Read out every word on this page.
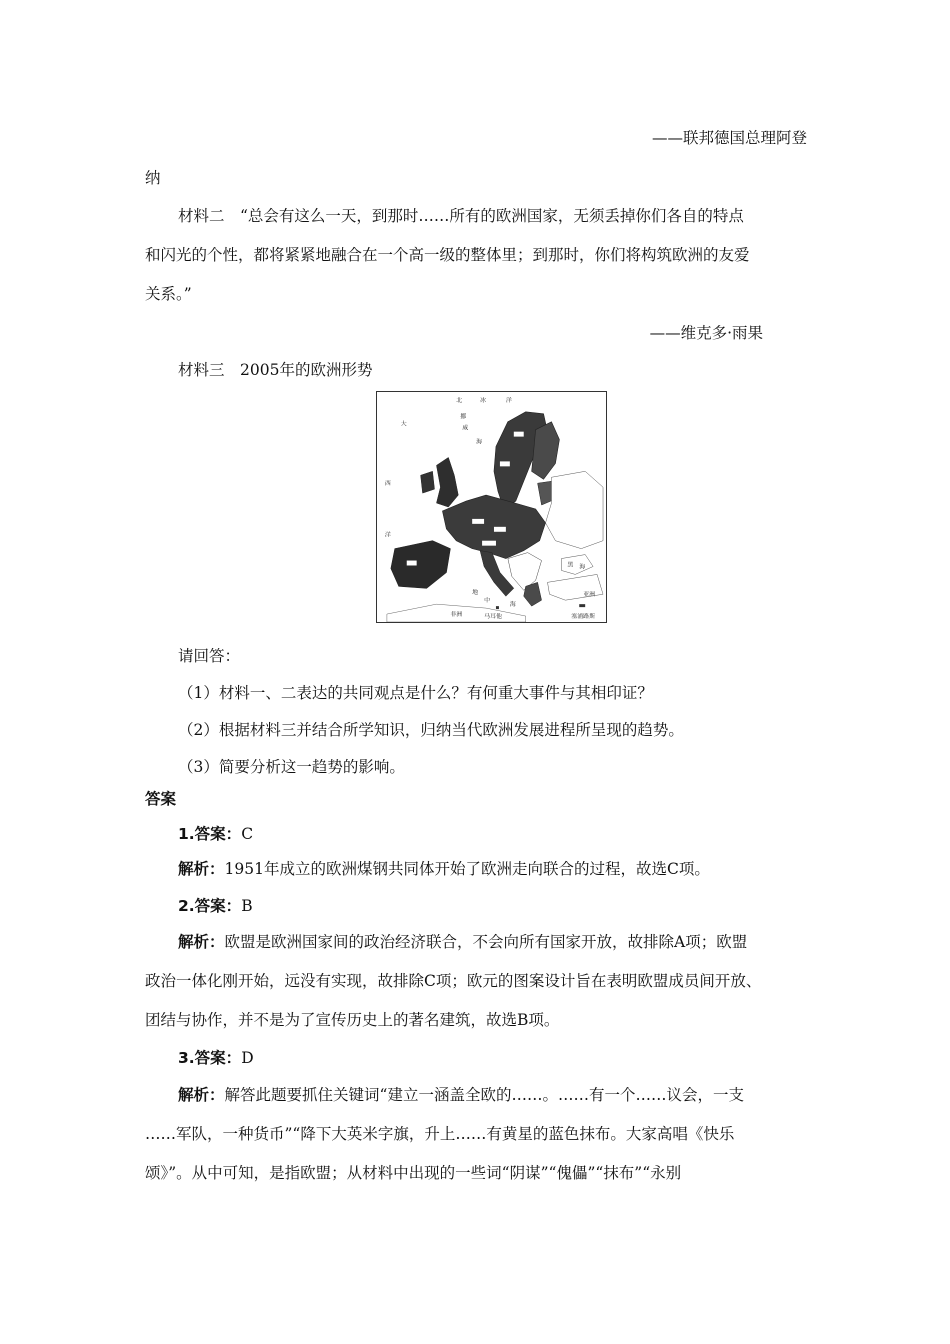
——联邦德国总理阿登
纳
材料二　“总会有这么一天，到那时……所有的欧洲国家，无须丢掉你们各自的特点
和闪光的个性，都将紧紧地融合在一个高一级的整体里；到那时，你们将构筑欧洲的友爱
关系。”
——维克多·雨果
材料三　2005年的欧洲形势
北	冰	洋
大
西
洋
挪
威
海
黑 海
非洲
地
中
海
亚洲
马耳他	塞浦路斯
请回答：
（1）材料一、二表达的共同观点是什么？有何重大事件与其相印证？
（2）根据材料三并结合所学知识，归纳当代欧洲发展进程所呈现的趋势。
（3）简要分析这一趋势的影响。
答案
1.答案：C
解析：1951年成立的欧洲煤钢共同体开始了欧洲走向联合的过程，故选C项。
2.答案：B
解析：欧盟是欧洲国家间的政治经济联合，不会向所有国家开放，故排除A项；欧盟
政治一体化刚开始，远没有实现，故排除C项；欧元的图案设计旨在表明欧盟成员间开放、
团结与协作，并不是为了宣传历史上的著名建筑，故选B项。
3.答案：D
解析：解答此题要抓住关键词“建立一涵盖全欧的……。……有一个……议会，一支
……军队，一种货币”“降下大英米字旗，升上……有黄星的蓝色抹布。大家高唱《快乐
颂》”。从中可知，是指欧盟；从材料中出现的一些词“阴谋”“傀儡”“抹布”“永别
